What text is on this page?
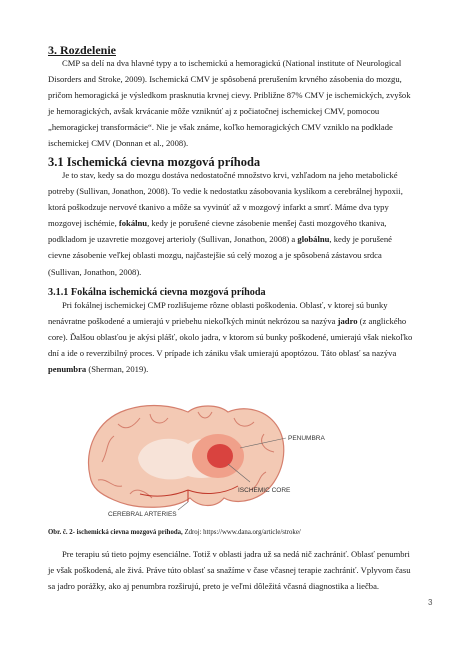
3. Rozdelenie
CMP sa delí na dva hlavné typy a to ischemickú a hemoragickú (National institute of Neurological
Disorders and Stroke, 2009). Ischemická CMV je spôsobená prerušením krvného zásobenia do mozgu,
pričom hemoragická je výsledkom prasknutia krvnej cievy. Približne 87% CMV je ischemických, zvyšok
je hemoragických, avšak krvácanie môže vzniknúť aj z počiatočnej ischemickej CMV, pomocou
„hemoragickej transformácie“. Nie je však známe, koľko hemoragických CMV vzniklo na podklade
ischemickej CMV (Donnan et al., 2008).
3.1 Ischemická cievna mozgová príhoda
Je to stav, kedy sa do mozgu dostáva nedostatočné množstvo krvi, vzhľadom na jeho metabolické
potreby (Sullivan, Jonathon, 2008). To vedie k nedostatku zásobovania kyslíkom a cerebrálnej hypoxii,
ktorá poškodzuje nervové tkanivo a môže sa vyvinúť až v mozgový infarkt a smrť. Máme dva typy
mozgovej ischémie, fokálnu, kedy je porušené cievne zásobenie menšej časti mozgového tkaniva,
podkladom je uzavretie mozgovej arterioly (Sullivan, Jonathon, 2008) a globálnu, kedy je porušené
cievne zásobenie veľkej oblasti mozgu, najčastejšie sú celý mozog a je spôsobená zástavou srdca
(Sullivan, Jonathon, 2008).
3.1.1 Fokálna ischemická cievna mozgová príhoda
Pri fokálnej ischemickej CMP rozlišujeme rôzne oblasti poškodenia. Oblasť, v ktorej sú bunky
nenávratne poškodené a umierajú v priebehu niekoľkých minút nekrózou sa nazýva jadro (z anglického
core). Ďalšou oblasťou je akýsi plášť, okolo jadra, v ktorom sú bunky poškodené, umierajú však niekoľko
dní a ide o reverzibilný proces. V prípade ich zániku však umierajú apoptózou. Táto oblasť sa nazýva
penumbra (Sherman, 2019).
PENUMBRA
ISCHEMIC CORE
CEREBRAL ARTERIES
Obr. č. 2- ischemická cievna mozgová príhoda, Zdroj: https://www.dana.org/article/stroke/
Pre terapiu sú tieto pojmy esenciálne. Totiž v oblasti jadra už sa nedá nič zachrániť. Oblasť penumbri
je však poškodená, ale živá. Práve túto oblasť sa snažíme v čase včasnej terapie zachrániť. Vplyvom času
sa jadro porážky, ako aj penumbra rozširujú, preto je veľmi dôležitá včasná diagnostika a liečba.
3
